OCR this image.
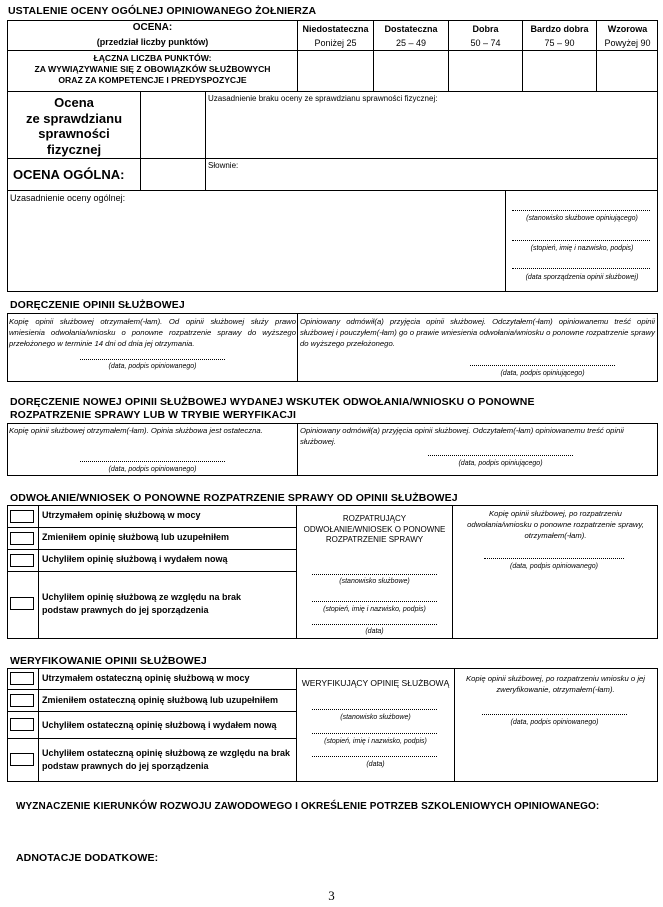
USTALENIE OCENY OGÓLNEJ OPINIOWANEGO ŻOŁNIERZA
OCENA:
(przedział liczby punktów)
Niedostateczna
Poniżej 25
Dostateczna
25 – 49
Dobra
50 – 74
Bardzo dobra
75 – 90
Wzorowa
Powyżej 90
ŁĄCZNA LICZBA PUNKTÓW:
ZA WYWIĄZYWANIE SIĘ Z OBOWIĄZKÓW SŁUŻBOWYCH
ORAZ ZA KOMPETENCJE I PREDYSPOZYCJE
Ocena
ze sprawdzianu
sprawności
fizycznej
Uzasadnienie braku oceny ze sprawdzianu sprawności fizycznej:
OCENA OGÓLNA:
Słownie:
Uzasadnienie oceny ogólnej:
(stanowisko służbowe opiniującego)
(stopień, imię i nazwisko, podpis)
(data sporządzenia opinii służbowej)
DORĘCZENIE OPINII SŁUŻBOWEJ
Kopię opinii służbowej otrzymałem(-łam). Od opinii służbowej służy prawo wniesienia odwołania/wniosku o ponowne rozpatrzenie sprawy do wyższego przełożonego w terminie 14 dni od dnia jej otrzymania.
(data, podpis opiniowanego)
Opiniowany odmówił(a) przyjęcia opinii służbowej. Odczytałem(-łam) opiniowanemu treść opinii służbowej i pouczyłem(-łam) go o prawie wniesienia odwołania/wniosku o ponowne rozpatrzenie sprawy do wyższego przełożonego.
(data, podpis opiniującego)
DORĘCZENIE NOWEJ OPINII SŁUŻBOWEJ WYDANEJ WSKUTEK ODWOŁANIA/WNIOSKU O PONOWNE
ROZPATRZENIE SPRAWY LUB W TRYBIE WERYFIKACJI
Kopię opinii służbowej otrzymałem(-łam). Opinia służbowa jest ostateczna.
(data, podpis opiniowanego)
Opiniowany odmówił(a) przyjęcia opinii służbowej. Odczytałem(-łam) opiniowanemu treść opinii służbowej.
(data, podpis opiniującego)
ODWOŁANIE/WNIOSEK O PONOWNE ROZPATRZENIE SPRAWY OD OPINII SŁUŻBOWEJ
Utrzymałem opinię służbową w mocy
Zmieniłem opinię służbową lub uzupełniłem
Uchyliłem opinię służbową i wydałem nową
Uchyliłem opinię służbową ze względu na brak podstaw prawnych do jej sporządzenia
ROZPATRUJĄCY
ODWOŁANIE/WNIOSEK O PONOWNE
ROZPATRZENIE SPRAWY
(stanowisko służbowe)
(stopień, imię i nazwisko, podpis)
(data)
Kopię opinii służbowej, po rozpatrzeniu odwołania/wniosku o ponowne rozpatrzenie sprawy, otrzymałem(-łam).
(data, podpis opiniowanego)
WERYFIKOWANIE OPINII SŁUŻBOWEJ
Utrzymałem ostateczną opinię służbową w mocy
Zmieniłem ostateczną opinię służbową lub uzupełniłem
Uchyliłem ostateczną opinię służbową i wydałem nową
Uchyliłem ostateczną opinię służbową ze względu na brak podstaw prawnych do jej sporządzenia
WERYFIKUJĄCY OPINIĘ SŁUŻBOWĄ
(stanowisko służbowe)
(stopień, imię i nazwisko, podpis)
(data)
Kopię opinii służbowej, po rozpatrzeniu wniosku o jej zweryfikowanie, otrzymałem(-łam).
(data, podpis opiniowanego)
WYZNACZENIE KIERUNKÓW ROZWOJU ZAWODOWEGO I OKREŚLENIE POTRZEB SZKOLENIOWYCH OPINIOWANEGO:
ADNOTACJE DODATKOWE:
3
